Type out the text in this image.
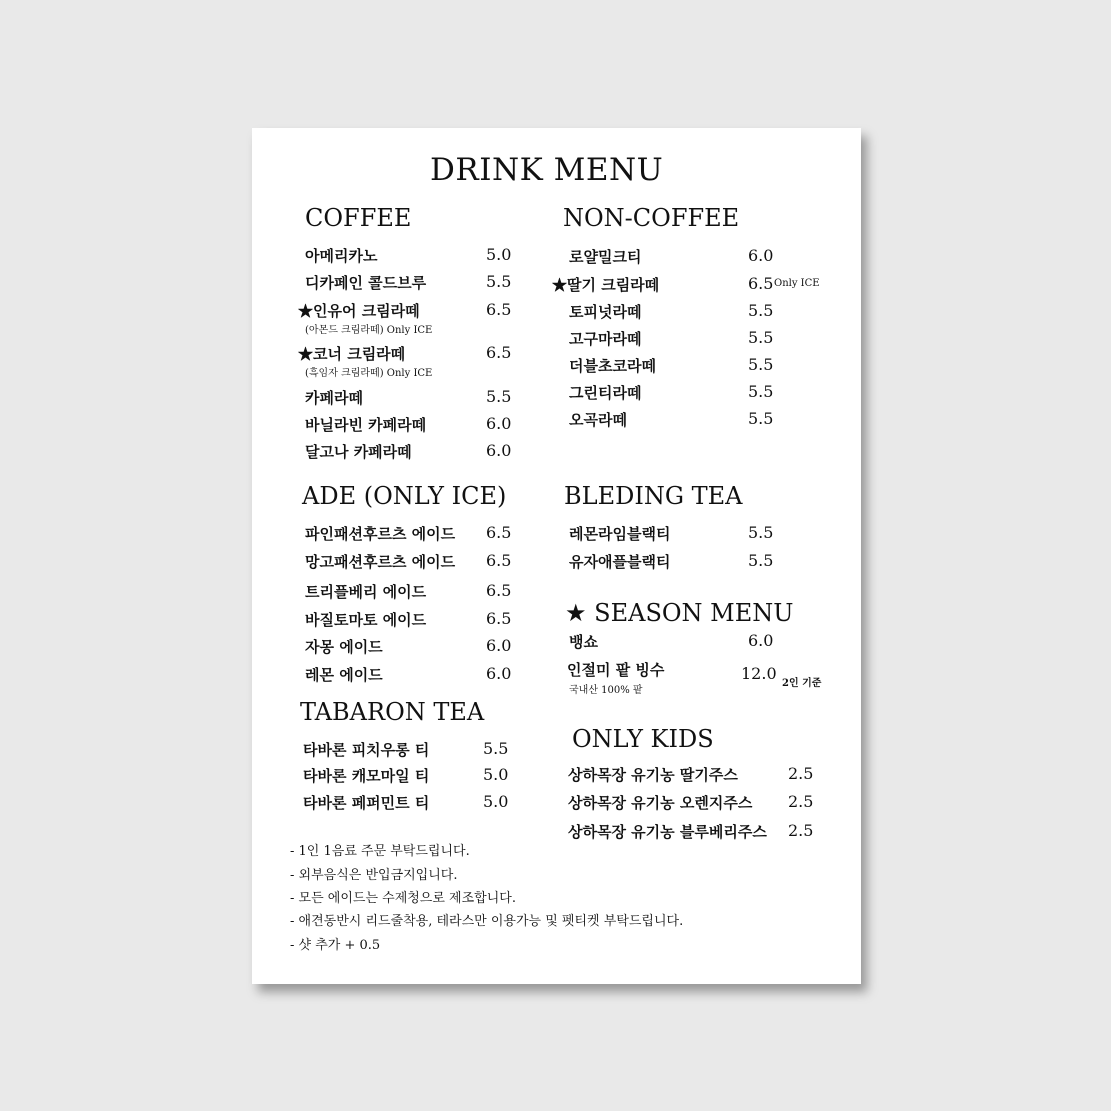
DRINK MENU
COFFEE
아메리카노	5.0
디카페인 콜드브루	5.5
★인유어 크림라떼	6.5
(아몬드 크림라떼) Only ICE
★코너 크림라떼	6.5
(흑임자 크림라떼) Only ICE
카페라떼	5.5
바닐라빈 카페라떼	6.0
달고나 카페라떼	6.0
NON-COFFEE
로얄밀크티	6.0
★딸기 크림라떼	6.5 Only ICE
토피넛라떼	5.5
고구마라떼	5.5
더블초코라떼	5.5
그린티라떼	5.5
오곡라떼	5.5
ADE (ONLY ICE)
파인패션후르츠 에이드 6.5
망고패션후르츠 에이드 6.5
트리플베리 에이드	6.5
바질토마토 에이드	6.5
자몽 에이드	6.0
레몬 에이드	6.0
BLEDING TEA
레몬라임블랙티	5.5
유자애플블랙티	5.5
★ SEASON MENU
뱅쇼	6.0
인절미 팥 빙수	12.0
2인 기준
국내산 100% 팥
TABARON TEA
타바론 피치우롱 티	5.5
타바론 캐모마일 티	5.0
타바론 페퍼민트 티	5.0
ONLY KIDS
상하목장 유기농 딸기주스	2.5
상하목장 유기농 오렌지주스 2.5
상하목장 유기농 블루베리주스 2.5
- 1인 1음료 주문 부탁드립니다.
- 외부음식은 반입금지입니다.
- 모든 에이드는 수제청으로 제조합니다.
- 애견동반시 리드줄착용, 테라스만 이용가능 및 펫티켓 부탁드립니다.
- 샷 추가 + 0.5
